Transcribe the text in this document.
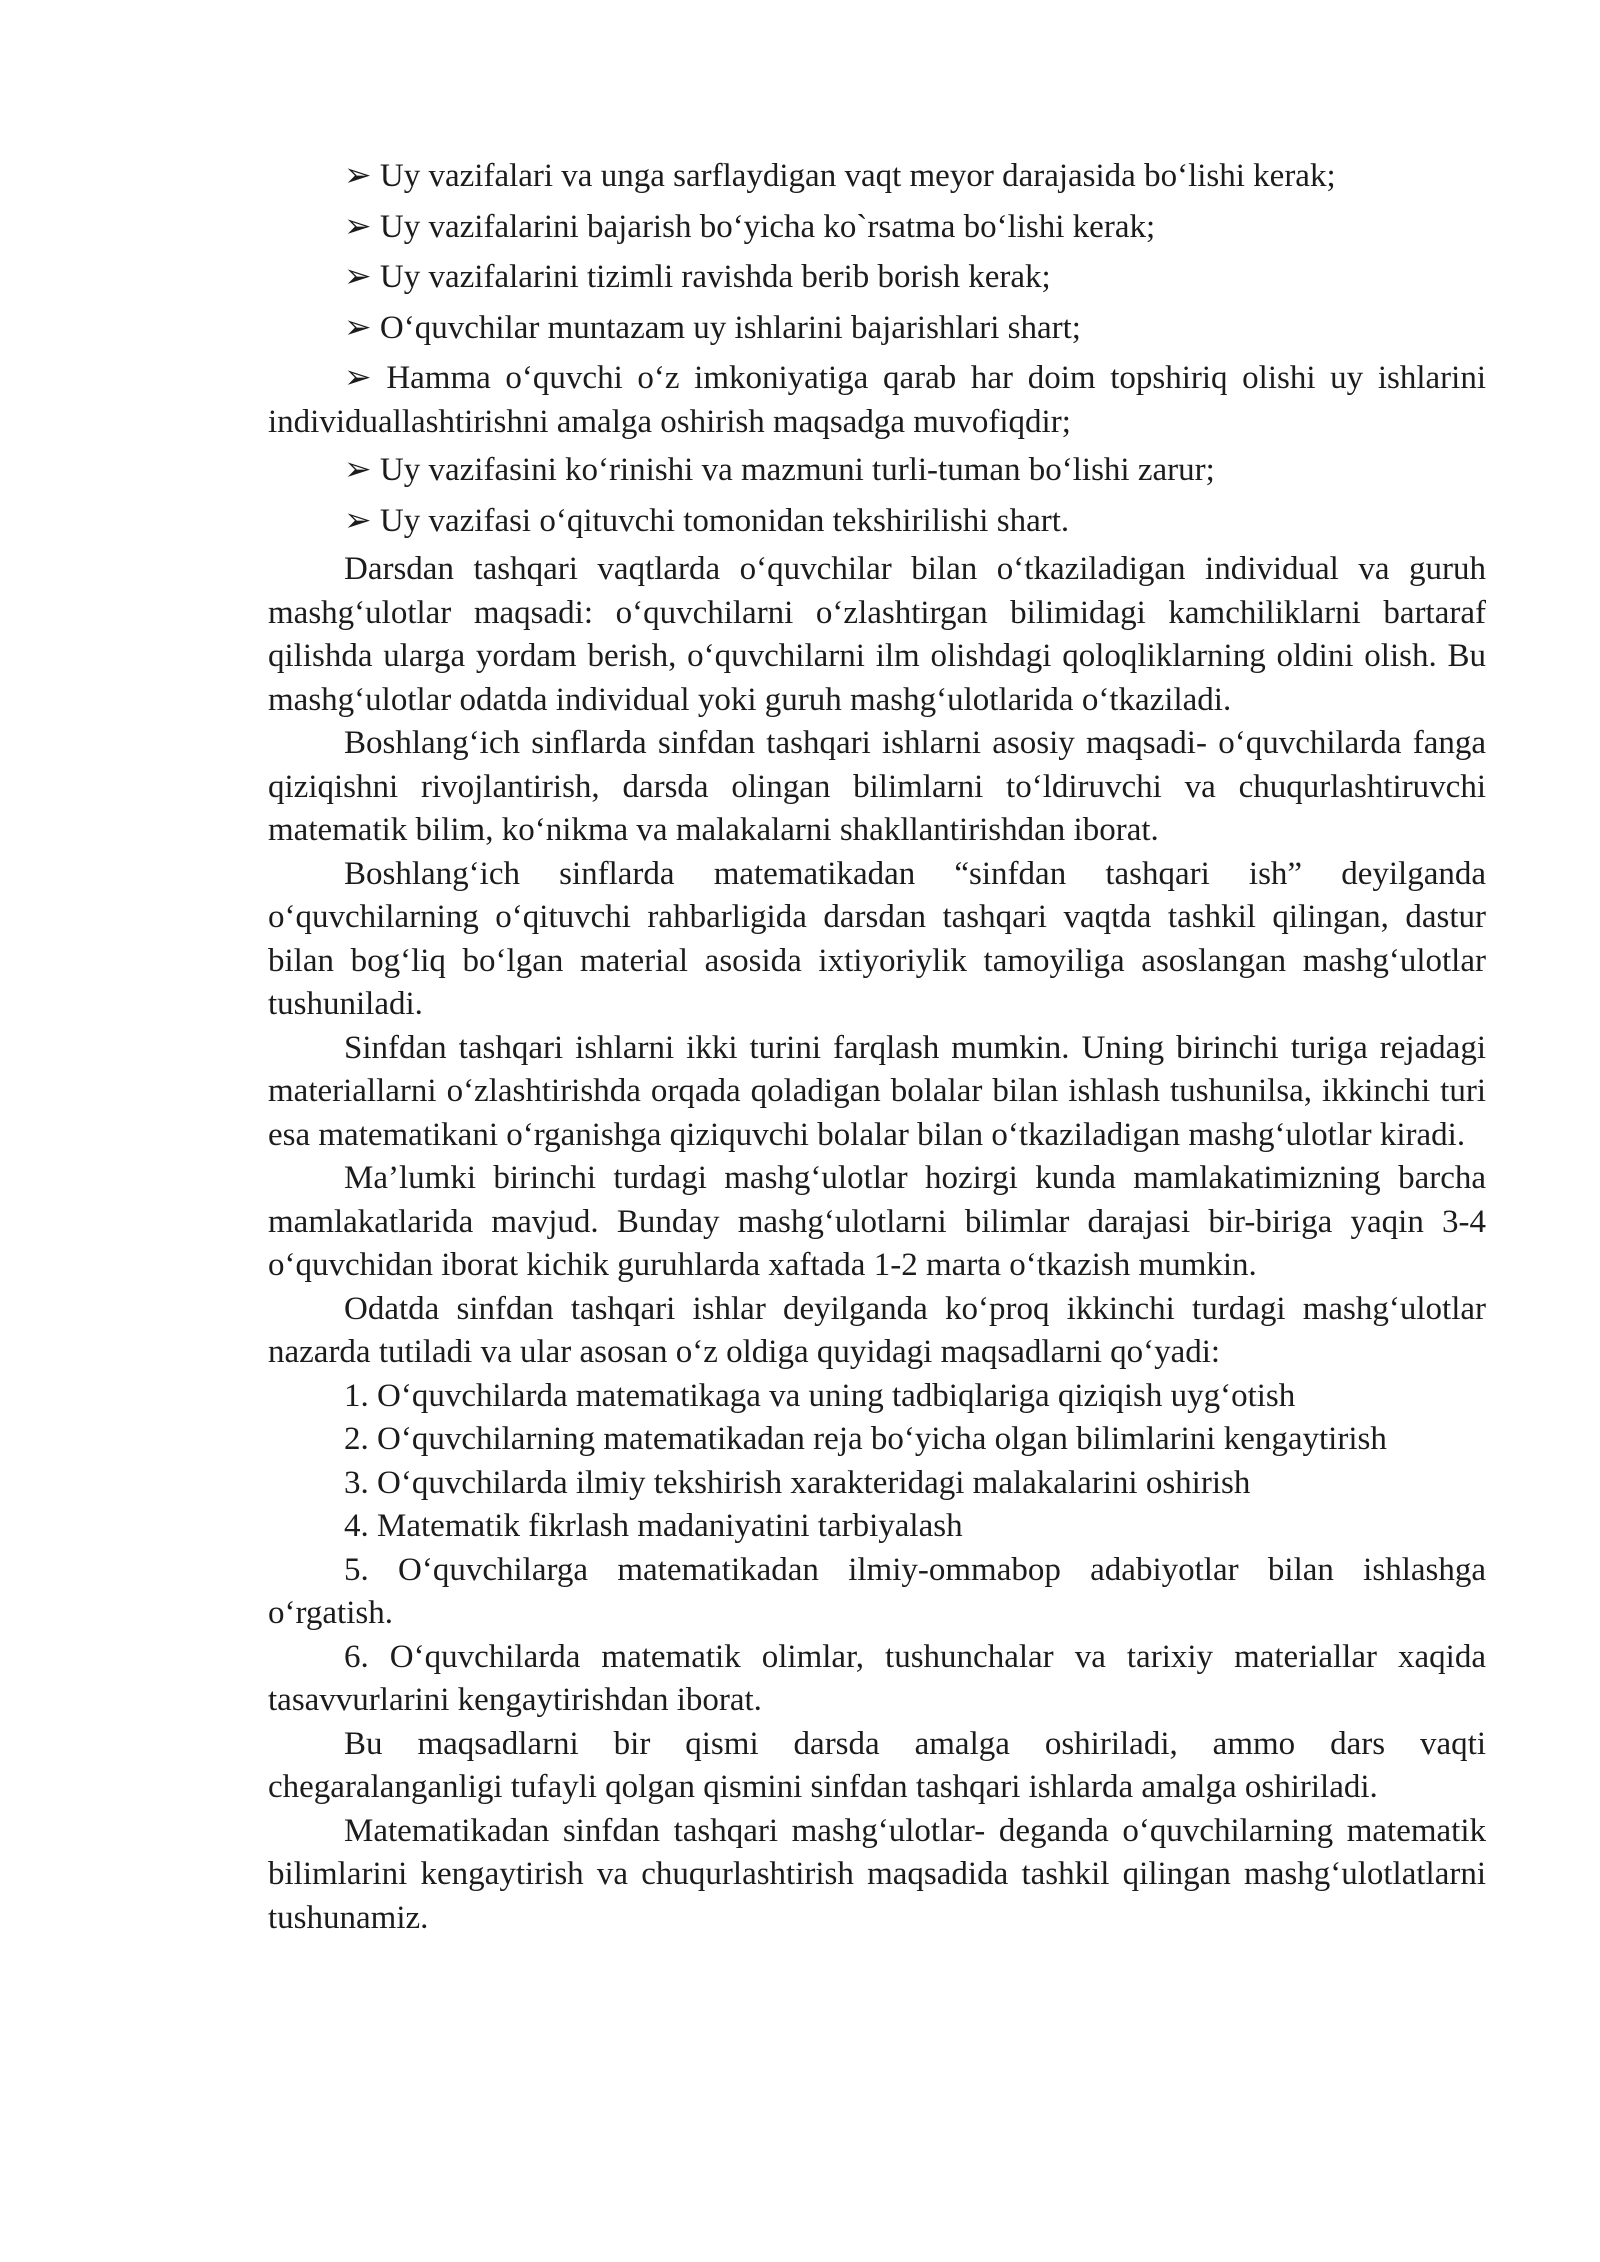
➢ Uy vazifalari va unga sarflaydigan vaqt meyor darajasida bo‘lishi kerak;

➢ Uy vazifalarini bajarish bo‘yicha ko`rsatma bo‘lishi kerak;

➢ Uy vazifalarini tizimli ravishda berib borish kerak;

➢ O‘quvchilar muntazam uy ishlarini bajarishlari shart;

➢ Hamma o‘quvchi o‘z imkoniyatiga qarab har doim topshiriq olishi uy ishlarini individuallashtirishni amalga oshirish maqsadga muvofiqdir;

➢ Uy vazifasini ko‘rinishi va mazmuni turli-tuman bo‘lishi zarur;

➢ Uy vazifasi o‘qituvchi tomonidan tekshirilishi shart.

Darsdan tashqari vaqtlarda o‘quvchilar bilan o‘tkaziladigan individual va guruh mashg‘ulotlar maqsadi: o‘quvchilarni o‘zlashtirgan bilimidagi kamchiliklarni bartaraf qilishda ularga yordam berish, o‘quvchilarni ilm olishdagi qoloqliklarning oldini olish. Bu mashg‘ulotlar odatda individual yoki guruh mashg‘ulotlarida o‘tkaziladi.

Boshlang‘ich sinflarda sinfdan tashqari ishlarni asosiy maqsadi- o‘quvchilarda fanga qiziqishni rivojlantirish, darsda olingan bilimlarni to‘ldiruvchi va chuqurlashtiruvchi matematik bilim, ko‘nikma va malakalarni shakllantirishdan iborat.

Boshlang‘ich sinflarda matematikadan “sinfdan tashqari ish” deyilganda o‘quvchilarning o‘qituvchi rahbarligida darsdan tashqari vaqtda tashkil qilingan, dastur bilan bog‘liq bo‘lgan material asosida ixtiyoriylik tamoyiliga asoslangan mashg‘ulotlar tushuniladi.

Sinfdan tashqari ishlarni ikki turini farqlash mumkin. Uning birinchi turiga rejadagi materiallarni o‘zlashtirishda orqada qoladigan bolalar bilan ishlash tushunilsa, ikkinchi turi esa matematikani o‘rganishga qiziquvchi bolalar bilan o‘tkaziladigan mashg‘ulotlar kiradi.

Ma’lumki birinchi turdagi mashg‘ulotlar hozirgi kunda mamlakatimizning barcha mamlakatlarida mavjud. Bunday mashg‘ulotlarni bilimlar darajasi bir-biriga yaqin 3-4 o‘quvchidan iborat kichik guruhlarda xaftada 1-2 marta o‘tkazish mumkin.

Odatda sinfdan tashqari ishlar deyilganda ko‘proq ikkinchi turdagi mashg‘ulotlar nazarda tutiladi va ular asosan o‘z oldiga quyidagi maqsadlarni qo‘yadi:

1. O‘quvchilarda matematikaga va uning tadbiqlariga qiziqish uyg‘otish

2. O‘quvchilarning matematikadan reja bo‘yicha olgan bilimlarini kengaytirish

3. O‘quvchilarda ilmiy tekshirish xarakteridagi malakalarini oshirish

4. Matematik fikrlash madaniyatini tarbiyalash

5. O‘quvchilarga matematikadan ilmiy-ommabop adabiyotlar bilan ishlashga o‘rgatish.

6. O‘quvchilarda matematik olimlar, tushunchalar va tarixiy materiallar xaqida tasavvurlarini kengaytirishdan iborat.

Bu maqsadlarni bir qismi darsda amalga oshiriladi, ammo dars vaqti chegaralanganligi tufayli qolgan qismini sinfdan tashqari ishlarda amalga oshiriladi.

Matematikadan sinfdan tashqari mashg‘ulotlar- deganda o‘quvchilarning matematik bilimlarini kengaytirish va chuqurlashtirish maqsadida tashkil qilingan mashg‘ulotlatlarni tushunamiz.
